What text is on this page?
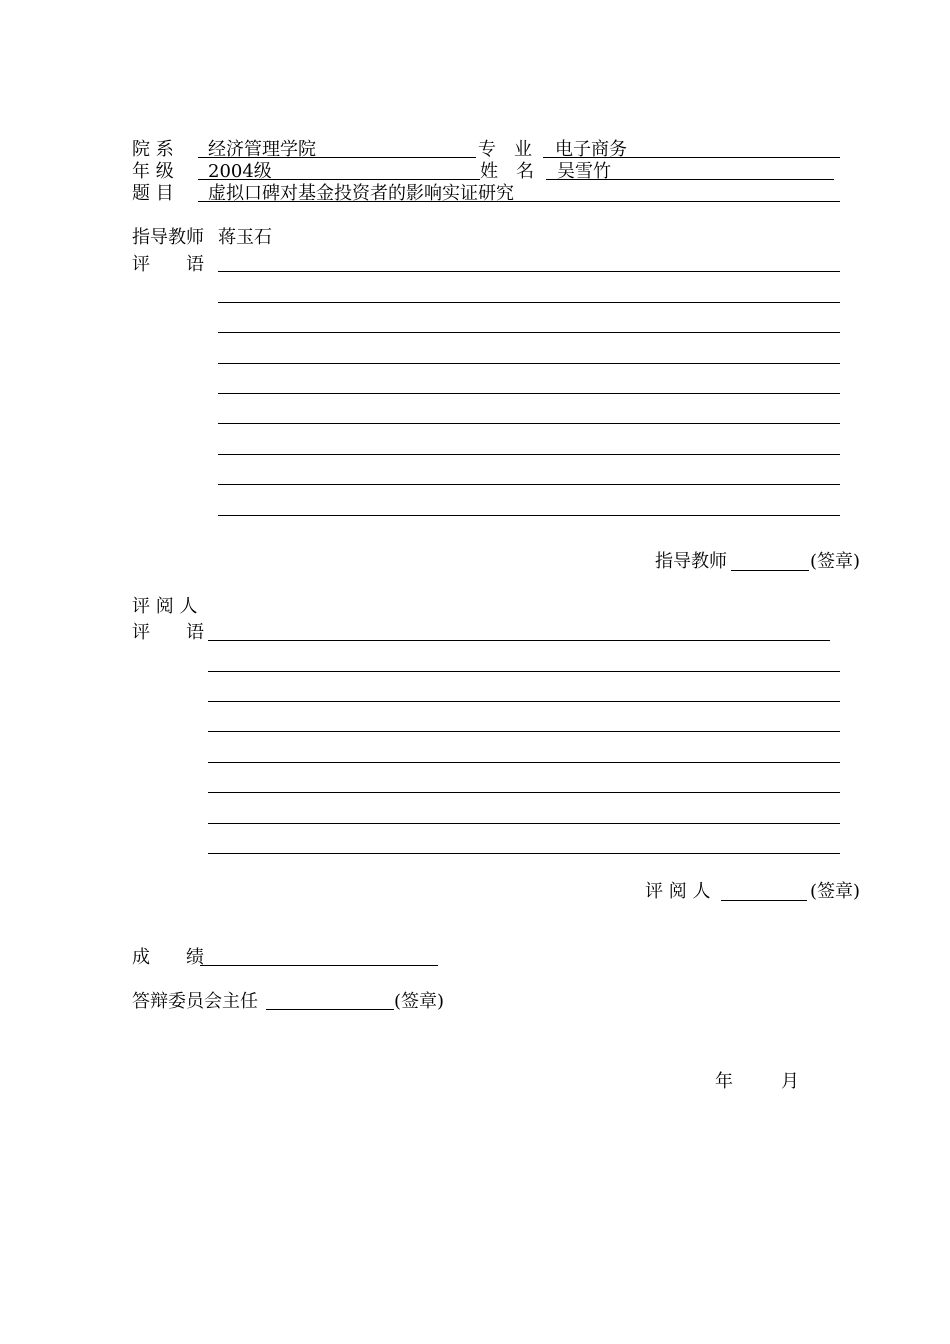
院 系 经济管理学院	专　业 电子商务
年 级 2004级	姓　名 吴雪竹
题 目 虚拟口碑对基金投资者的影响实证研究
指导教师 蒋玉石
评　　语
指导教师	(签章)
评 阅 人
评　　语
评 阅 人	(签章)
成　　绩
答辩委员会主任	(签章)
年	月
